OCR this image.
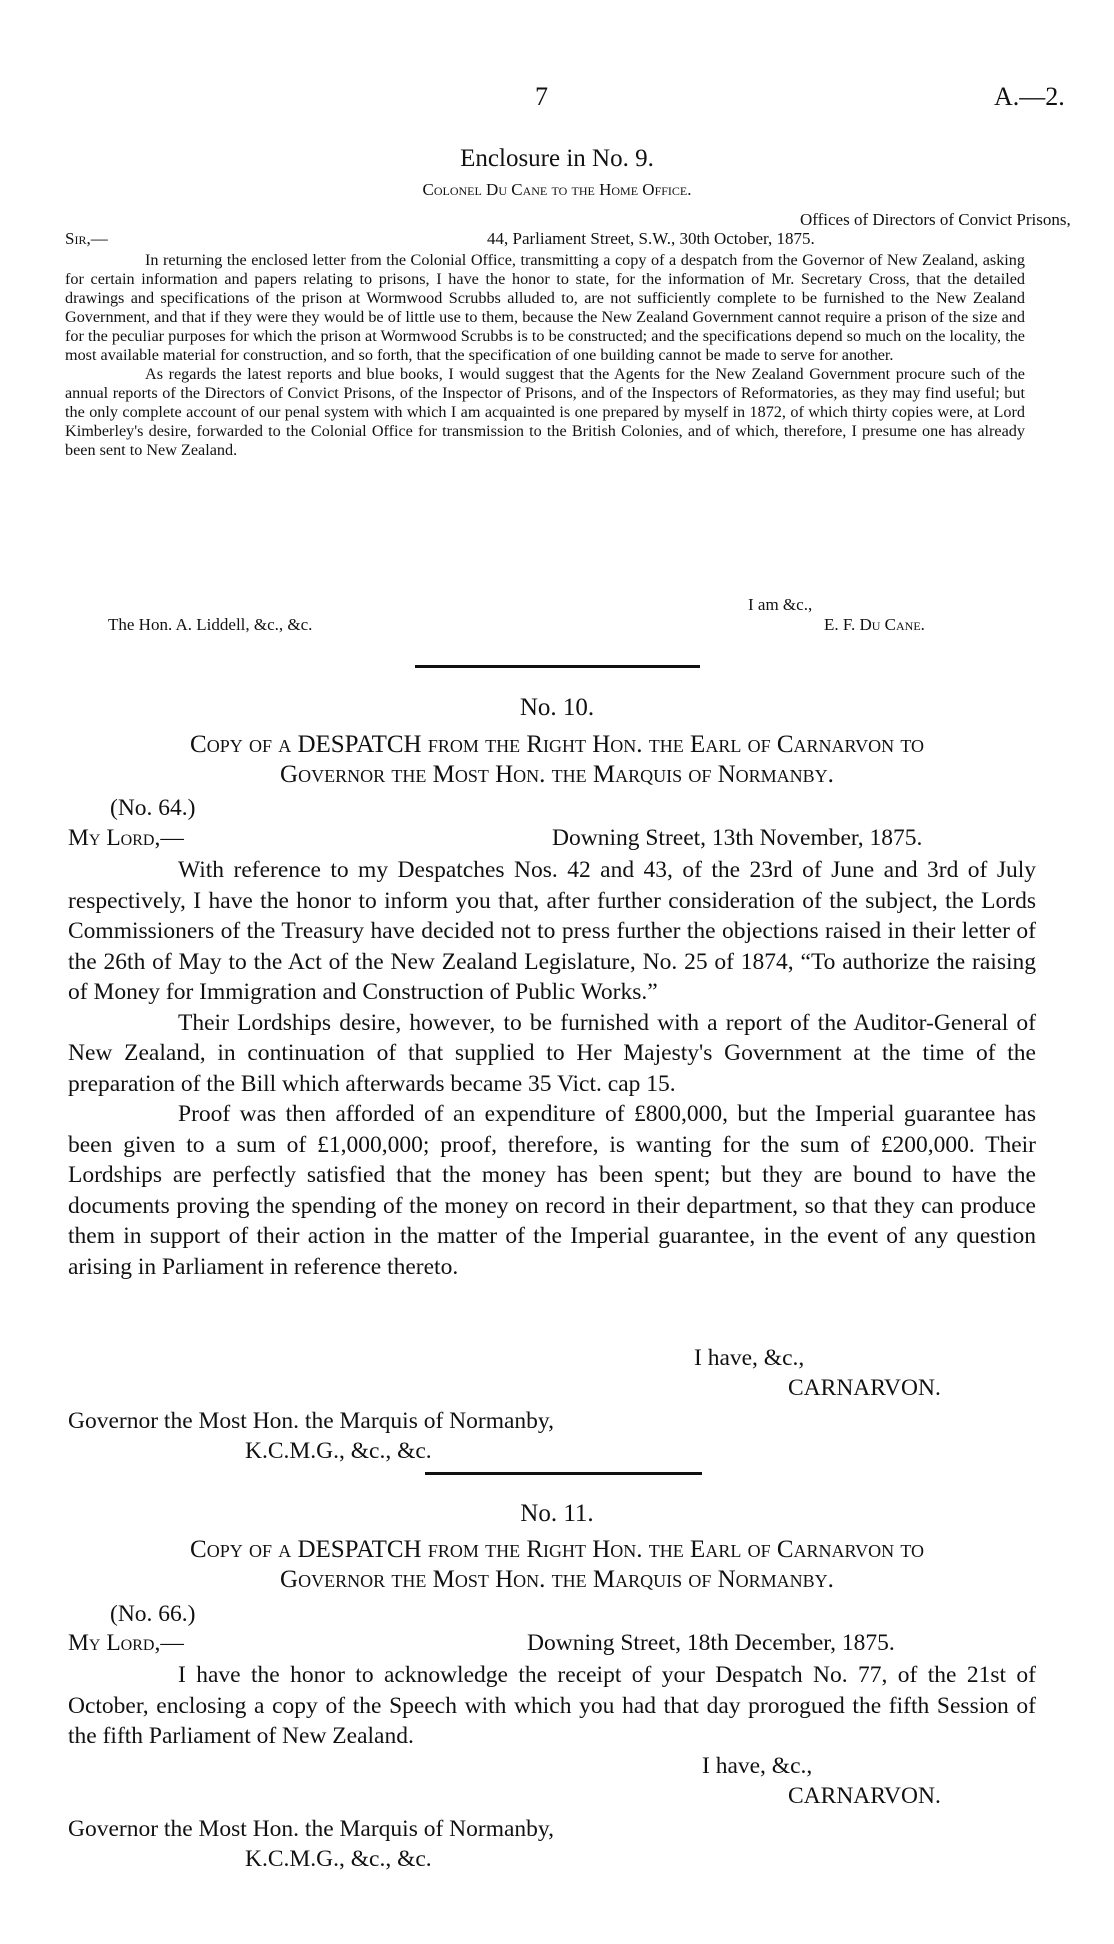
7	A.—2.
Enclosure in No. 9.
Colonel Du Cane to the Home Office.
Offices of Directors of Convict Prisons,
Sir,—	44, Parliament Street, S.W., 30th October, 1875.

In returning the enclosed letter from the Colonial Office, transmitting a copy of a despatch from the Governor of New Zealand, asking for certain information and papers relating to prisons, I have the honor to state, for the information of Mr. Secretary Cross, that the detailed drawings and specifications of the prison at Wormwood Scrubbs alluded to, are not sufficiently complete to be furnished to the New Zealand Government, and that if they were they would be of little use to them, because the New Zealand Government cannot require a prison of the size and for the peculiar purposes for which the prison at Wormwood Scrubbs is to be constructed; and the specifications depend so much on the locality, the most available material for construction, and so forth, that the specification of one building cannot be made to serve for another.

As regards the latest reports and blue books, I would suggest that the Agents for the New Zealand Government procure such of the annual reports of the Directors of Convict Prisons, of the Inspector of Prisons, and of the Inspectors of Reformatories, as they may find useful; but the only complete account of our penal system with which I am acquainted is one prepared by myself in 1872, of which thirty copies were, at Lord Kimberley's desire, forwarded to the Colonial Office for transmission to the British Colonies, and of which, therefore, I presume one has already been sent to New Zealand.

I am &c.,
The Hon. A. Liddell, &c., &c.	E. F. Du Cane.
No. 10.
Copy of a DESPATCH from the Right Hon. the Earl of Carnarvon to
Governor the Most Hon. the Marquis of Normanby.
(No. 64.)
My Lord,—	Downing Street, 13th November, 1875.

With reference to my Despatches Nos. 42 and 43, of the 23rd of June and 3rd of July respectively, I have the honor to inform you that, after further consideration of the subject, the Lords Commissioners of the Treasury have decided not to press further the objections raised in their letter of the 26th of May to the Act of the New Zealand Legislature, No. 25 of 1874, “To authorize the raising of Money for Immigration and Construction of Public Works.”

Their Lordships desire, however, to be furnished with a report of the Auditor-General of New Zealand, in continuation of that supplied to Her Majesty's Government at the time of the preparation of the Bill which afterwards became 35 Vict. cap 15.

Proof was then afforded of an expenditure of £800,000, but the Imperial guarantee has been given to a sum of £1,000,000; proof, therefore, is wanting for the sum of £200,000. Their Lordships are perfectly satisfied that the money has been spent; but they are bound to have the documents proving the spending of the money on record in their department, so that they can produce them in support of their action in the matter of the Imperial guarantee, in the event of any question arising in Parliament in reference thereto.

I have, &c.,
CARNARVON.
Governor the Most Hon. the Marquis of Normanby,
K.C.M.G., &c., &c.
No. 11.
Copy of a DESPATCH from the Right Hon. the Earl of Carnarvon to
Governor the Most Hon. the Marquis of Normanby.
(No. 66.)
My Lord,—	Downing Street, 18th December, 1875.

I have the honor to acknowledge the receipt of your Despatch No. 77, of the 21st of October, enclosing a copy of the Speech with which you had that day prorogued the fifth Session of the fifth Parliament of New Zealand.

I have, &c.,
CARNARVON.
Governor the Most Hon. the Marquis of Normanby,
K.C.M.G., &c., &c.
